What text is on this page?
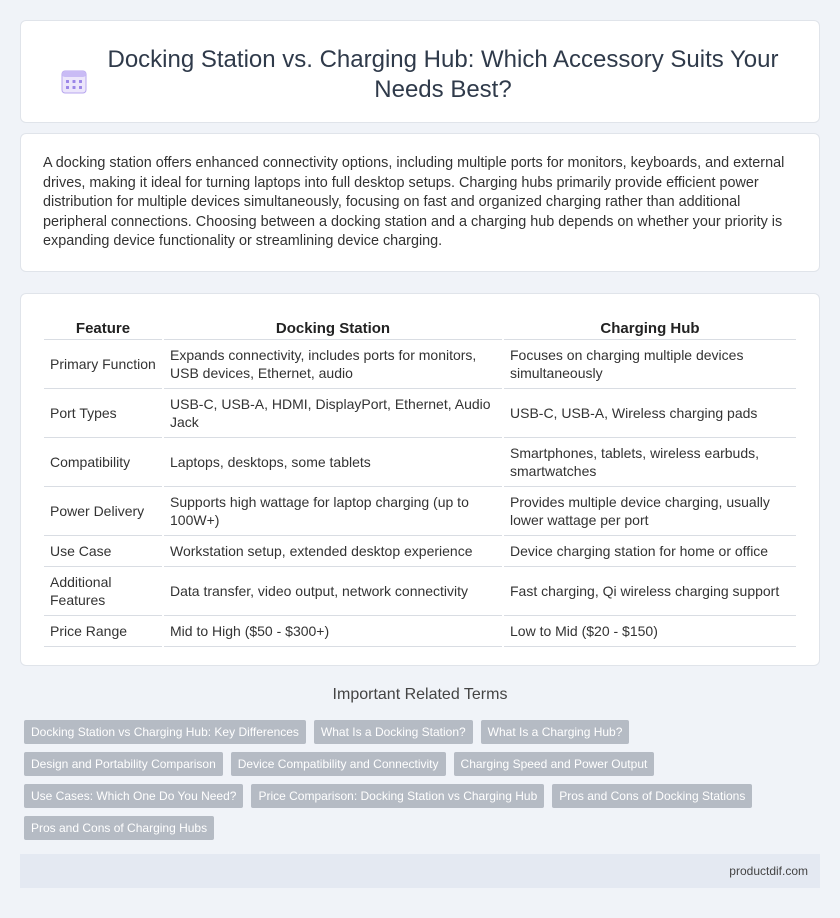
Docking Station vs. Charging Hub: Which Accessory Suits Your Needs Best?

A docking station offers enhanced connectivity options, including multiple ports for monitors, keyboards, and external drives, making it ideal for turning laptops into full desktop setups. Charging hubs primarily provide efficient power distribution for multiple devices simultaneously, focusing on fast and organized charging rather than additional peripheral connections. Choosing between a docking station and a charging hub depends on whether your priority is expanding device functionality or streamlining device charging.

Feature	Docking Station	Charging Hub
Primary Function	Expands connectivity, includes ports for monitors, USB devices, Ethernet, audio	Focuses on charging multiple devices simultaneously
Port Types	USB-C, USB-A, HDMI, DisplayPort, Ethernet, Audio Jack	USB-C, USB-A, Wireless charging pads
Compatibility	Laptops, desktops, some tablets	Smartphones, tablets, wireless earbuds, smartwatches
Power Delivery	Supports high wattage for laptop charging (up to 100W+)	Provides multiple device charging, usually lower wattage per port
Use Case	Workstation setup, extended desktop experience	Device charging station for home or office
Additional Features	Data transfer, video output, network connectivity	Fast charging, Qi wireless charging support
Price Range	Mid to High ($50 - $300+)	Low to Mid ($20 - $150)
Important Related Terms
Docking Station vs Charging Hub: Key Differences	What Is a Docking Station?	What Is a Charging Hub?
Design and Portability Comparison	Device Compatibility and Connectivity	Charging Speed and Power Output
Use Cases: Which One Do You Need?	Price Comparison: Docking Station vs Charging Hub	Pros and Cons of Docking Stations
Pros and Cons of Charging Hubs
productdif.com
